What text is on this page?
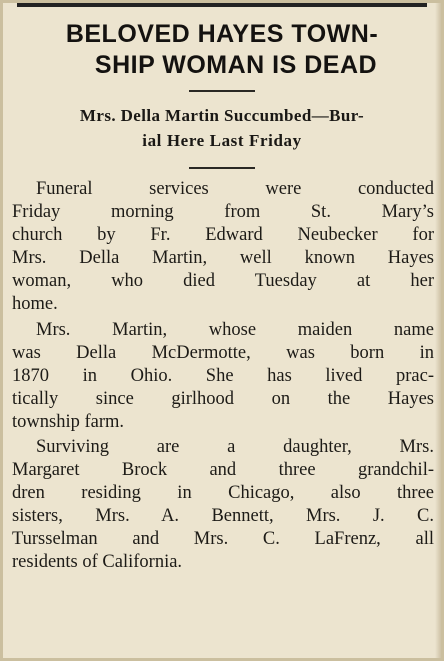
BELOVED HAYES TOWN-
SHIP WOMAN IS DEAD
Mrs. Della Martin Succumbed—Bur-
ial Here Last Friday
Funeral services were conducted
Friday morning from St. Mary’s
church by Fr. Edward Neubecker for
Mrs. Della Martin, well known Hayes
woman, who died Tuesday at her
home.
Mrs. Martin, whose maiden name
was Della McDermotte, was born in
1870 in Ohio. She has lived prac-
tically since girlhood on the Hayes
township farm.
Surviving are a daughter, Mrs.
Margaret Brock and three grandchil-
dren residing in Chicago, also three
sisters, Mrs. A. Bennett, Mrs. J. C.
Tursselman and Mrs. C. LaFrenz, all
residents of California.
